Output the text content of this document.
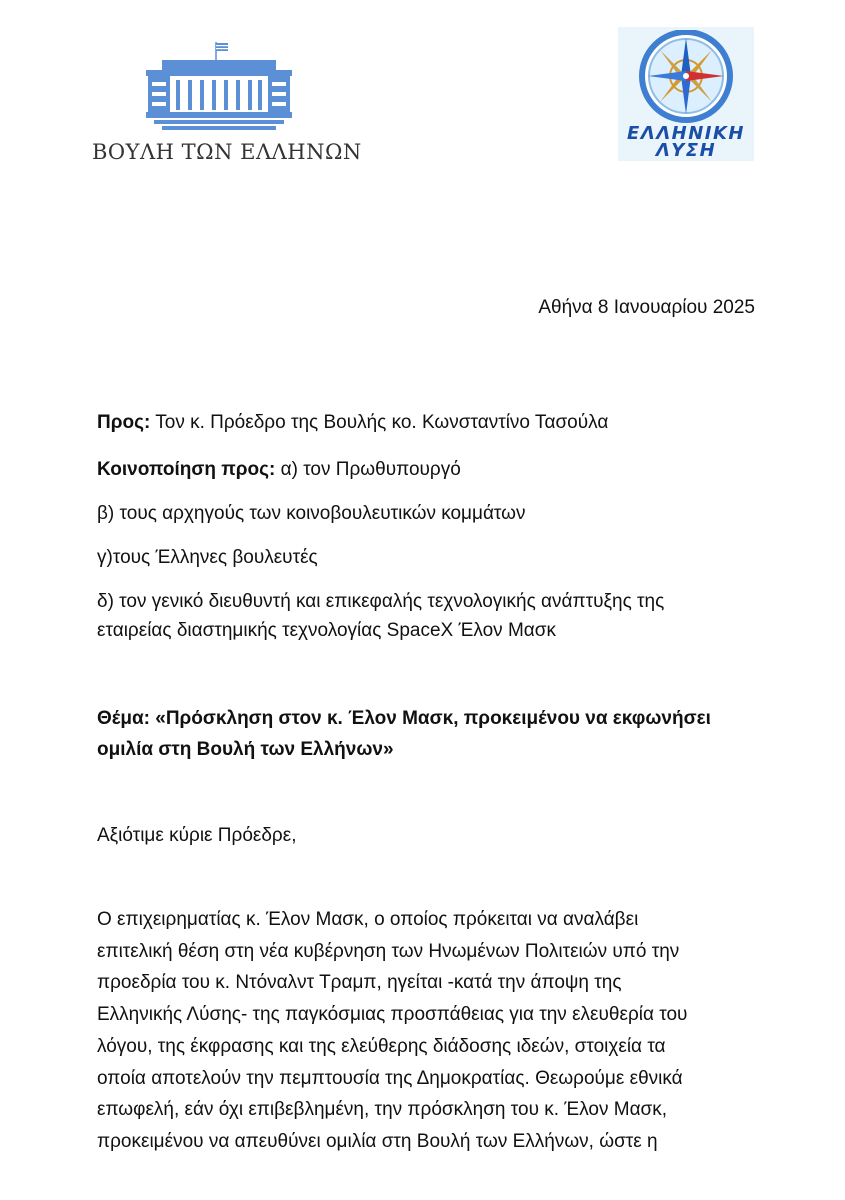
ΒΟΥΛΗ ΤΩΝ ΕΛΛΗΝΩΝ
ΕΛΛΗΝΙΚΗ
ΛΥΣΗ
Αθήνα 8 Ιανουαρίου 2025
Προς: Τον κ. Πρόεδρο της Βουλής κο. Κωνσταντίνο Τασούλα
Κοινοποίηση προς: α) τον Πρωθυπουργό
β) τους αρχηγούς των κοινοβουλευτικών κομμάτων
γ)τους Έλληνες βουλευτές
δ) τον γενικό διευθυντή και επικεφαλής τεχνολογικής ανάπτυξης της
εταιρείας διαστημικής τεχνολογίας SpaceX Έλον Μασκ
Θέμα: «Πρόσκληση στον κ. Έλον Μασκ, προκειμένου να εκφωνήσει
ομιλία στη Βουλή των Ελλήνων»
Αξιότιμε κύριε Πρόεδρε,
Ο επιχειρηματίας κ. Έλον Μασκ, ο οποίος πρόκειται να αναλάβει
επιτελική θέση στη νέα κυβέρνηση των Ηνωμένων Πολιτειών υπό την
προεδρία του κ. Ντόναλντ Τραμπ, ηγείται -κατά την άποψη της
Ελληνικής Λύσης- της παγκόσμιας προσπάθειας για την ελευθερία του
λόγου, της έκφρασης και της ελεύθερης διάδοσης ιδεών, στοιχεία τα
οποία αποτελούν την πεμπτουσία της Δημοκρατίας. Θεωρούμε εθνικά
επωφελή, εάν όχι επιβεβλημένη, την πρόσκληση του κ. Έλον Μασκ,
προκειμένου να απευθύνει ομιλία στη Βουλή των Ελλήνων, ώστε η
